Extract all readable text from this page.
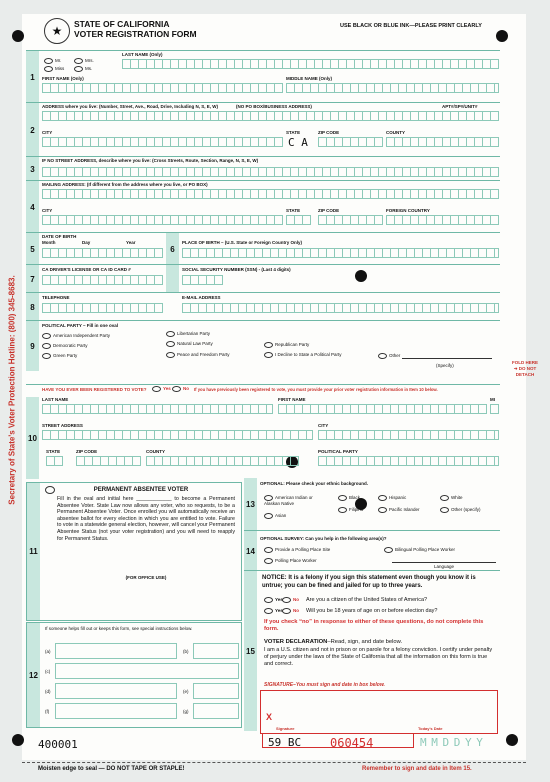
Secretary of State's Voter Protection Hotline: (800) 345-8683.
★	STATE OF CALIFORNIA
VOTER REGISTRATION FORM
USE BLACK OR BLUE INK—PLEASE PRINT CLEARLY
1
Mr.	Mrs.
Miss	Ms.
LAST NAME (Only)
FIRST NAME (Only)	MIDDLE NAME (Only)
2
ADDRESS where you live: (Number, Street, Ave., Road, Drive, Including N, S, E, W)	(NO PO BOX/BUSINESS ADDRESS)	APT#/SP#/UNIT#
CITY	STATE
C A
ZIP CODE	COUNTY
3
IF NO STREET ADDRESS, describe where you live: (Cross Streets, Route, Section, Range, N, S, E, W)
4
MAILING ADDRESS: (If different from the address where you live, or PO BOX)
CITY	STATE	ZIP CODE	FOREIGN COUNTRY
5
DATE OF BIRTH
Month	Day	Year
6
PLACE OF BIRTH – (U.S. State or Foreign Country Only)
7
CA DRIVER'S LICENSE OR CA ID CARD #	SOCIAL SECURITY NUMBER (SSN) - (Last 4 digits)
8
TELEPHONE	E-MAIL ADDRESS
9
POLITICAL PARTY – Fill in one oval
American Independent Party
Democratic Party
Green Party
Libertarian Party
Natural Law Party
Peace and Freedom Party
Republican Party
I Decline to State a Political Party	Other
(Specify)
FOLD HERE ➜ DO NOT DETACH
10
HAVE YOU EVER BEEN REGISTERED TO VOTE?	Yes	No If you have previously been registered to vote, you must provide your prior voter registration information in Item 10 below.
LAST NAME	FIRST NAME	MI
STREET ADDRESS	CITY
STATE	ZIP CODE	COUNTY	POLITICAL PARTY
11
PERMANENT ABSENTEE VOTER
Fill in the oval and initial here ____________ to become a Permanent Absentee Voter. State Law now allows any voter, who so requests, to be a Permanent Absentee Voter. Once enrolled you will automatically receive an absentee ballot for every election in which you are entitled to vote. Failure to vote in a statewide general election, however, will cancel your Permanent Absentee Status (not your voter registration) and you will need to reapply for Permanent Status.
(FOR OFFICE USE)
12
If someone helps fill out or keeps this form, see special instructions below.
(a)	(b)
(c)
(d)	(e)
(f)	(g)
13
OPTIONAL: Please check your ethnic background.
American Indian or Alaskan Native
Asian
Black
Filipino
Hispanic
Pacific Islander
White
Other (specify)
14
OPTIONAL SURVEY: Can you help in the following area(s)?
Provide a Polling Place Site
Polling Place Worker
Bilingual Polling Place Worker
Language
15
NOTICE: It is a felony if you sign this statement even though you know it is untrue; you can be fined and jailed for up to three years.
Yes	No Are you a citizen of the United States of America?
Yes	No Will you be 18 years of age on or before election day?
If you check “no” in response to either of these questions, do not complete this form.
VOTER DECLARATION–Read, sign, and date below.
I am a U.S. citizen and not in prison or on parole for a felony conviction. I certify under penalty of perjury under the laws of the State of California that all the information on this form is true and correct.
SIGNATURE–You must sign and date in box below.
X
Signature	Today's Date
59 BC 060454	M M D D Y Y
400001
Moisten edge to seal — DO NOT TAPE OR STAPLE!	Remember to sign and date in Item 15.
